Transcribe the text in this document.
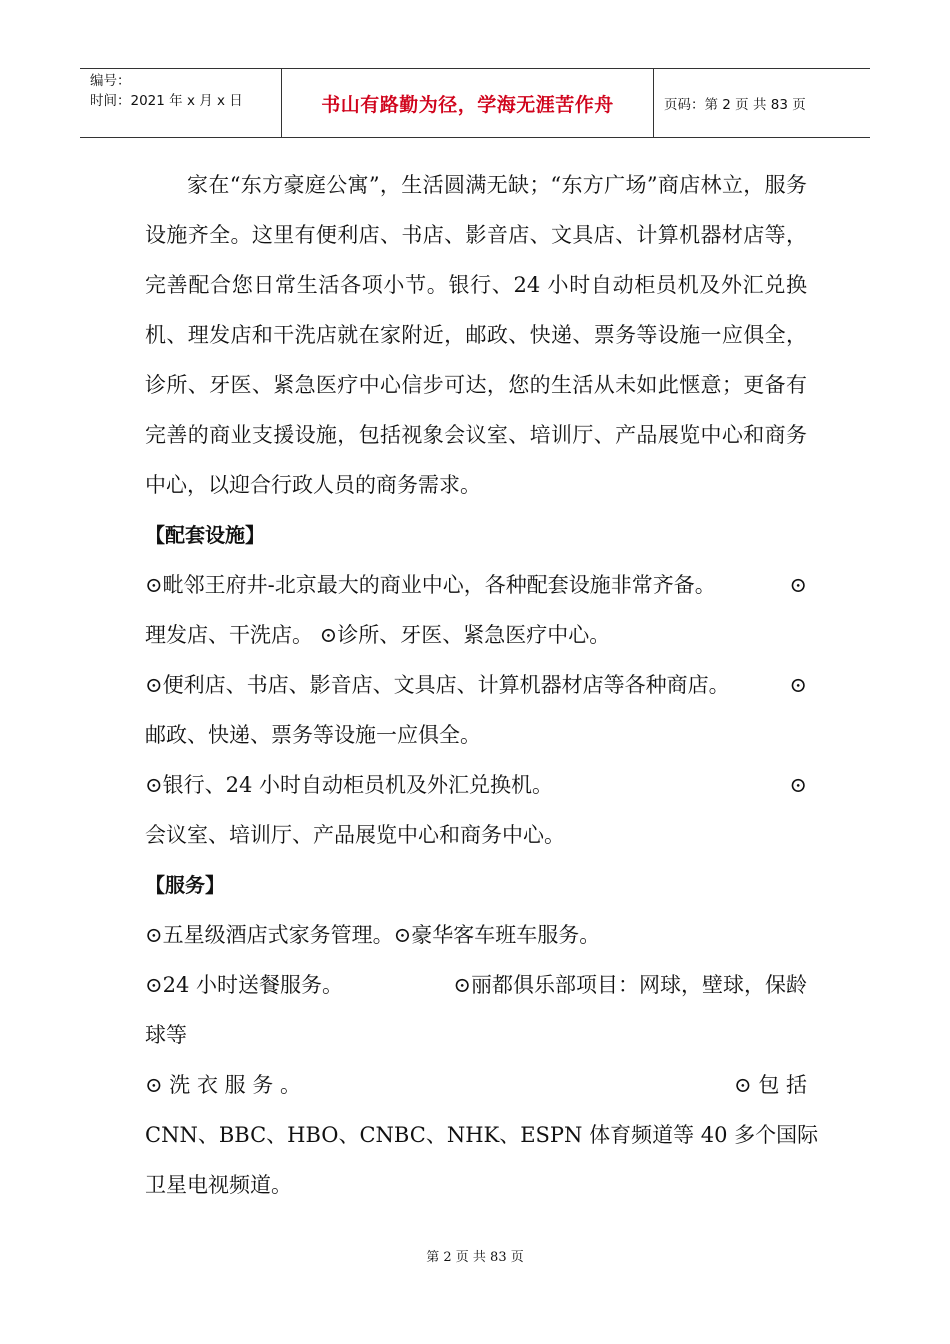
编号：
时间：2021 年 x 月 x 日	书山有路勤为径，学海无涯苦作舟	页码：第 2 页 共 83 页

家在“东方豪庭公寓”，生活圆满无缺；“东方广场”商店林立，服务设施齐全。这里有便利店、书店、影音店、文具店、计算机器材店等，完善配合您日常生活各项小节。银行、24 小时自动柜员机及外汇兑换机、理发店和干洗店就在家附近，邮政、快递、票务等设施一应俱全，诊所、牙医、紧急医疗中心信步可达，您的生活从未如此惬意；更备有完善的商业支援设施，包括视象会议室、培训厅、产品展览中心和商务中心，以迎合行政人员的商务需求。

【配套设施】

⊙毗邻王府井-北京最大的商业中心，各种配套设施非常齐备。	⊙

理发店、干洗店。 ⊙诊所、牙医、紧急医疗中心。

⊙便利店、书店、影音店、文具店、计算机器材店等各种商店。	⊙

邮政、快递、票务等设施一应俱全。

⊙银行、24 小时自动柜员机及外汇兑换机。	⊙

会议室、培训厅、产品展览中心和商务中心。

【服务】

⊙五星级酒店式家务管理。⊙豪华客车班车服务。

⊙24 小时送餐服务。	⊙丽都俱乐部项目：网球，壁球，保龄

球等

⊙ 洗 衣 服 务 。	⊙ 包 括

CNN、BBC、HBO、CNBC、NHK、ESPN 体育频道等 40 多个国际

卫星电视频道。

第 2 页 共 83 页
